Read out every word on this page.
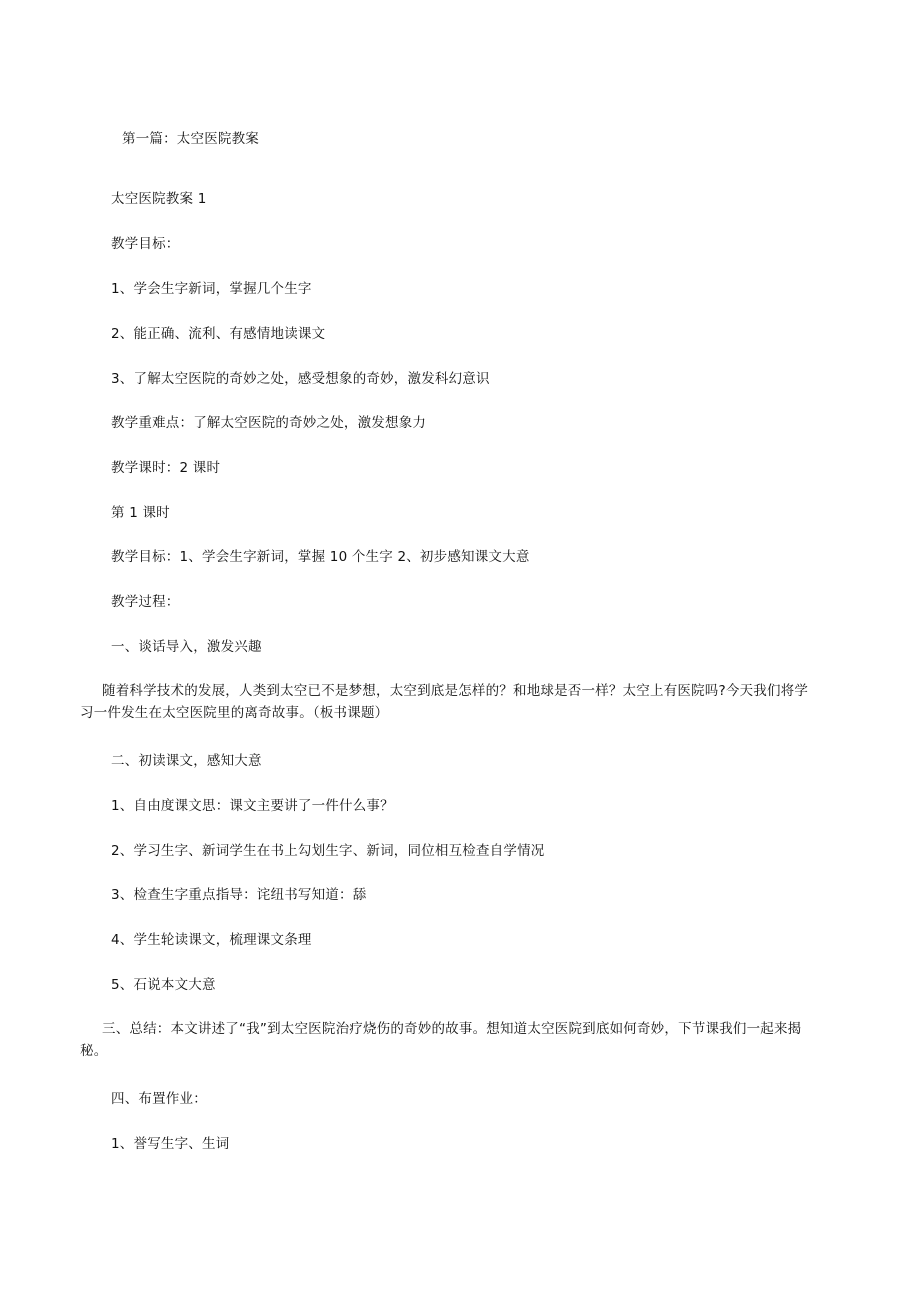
第一篇：太空医院教案
太空医院教案 1
教学目标：
1、学会生字新词，掌握几个生字
2、能正确、流利、有感情地读课文
3、了解太空医院的奇妙之处，感受想象的奇妙，激发科幻意识
教学重难点：了解太空医院的奇妙之处，激发想象力
教学课时：2 课时
第 1 课时
教学目标：1、学会生字新词，掌握 10 个生字 2、初步感知课文大意
教学过程：
一、谈话导入，激发兴趣
随着科学技术的发展，人类到太空已不是梦想，太空到底是怎样的？和地球是否一样？太空上有医院吗?今天我们将学习一件发生在太空医院里的离奇故事。（板书课题）
二、初读课文，感知大意
1、自由度课文思：课文主要讲了一件什么事？
2、学习生字、新词学生在书上勾划生字、新词，同位相互检查自学情况
3、检查生字重点指导：诧纽书写知道：舔
4、学生轮读课文，梳理课文条理
5、石说本文大意
三、总结：本文讲述了“我”到太空医院治疗烧伤的奇妙的故事。想知道太空医院到底如何奇妙，下节课我们一起来揭秘。
四、布置作业：
1、誉写生字、生词
